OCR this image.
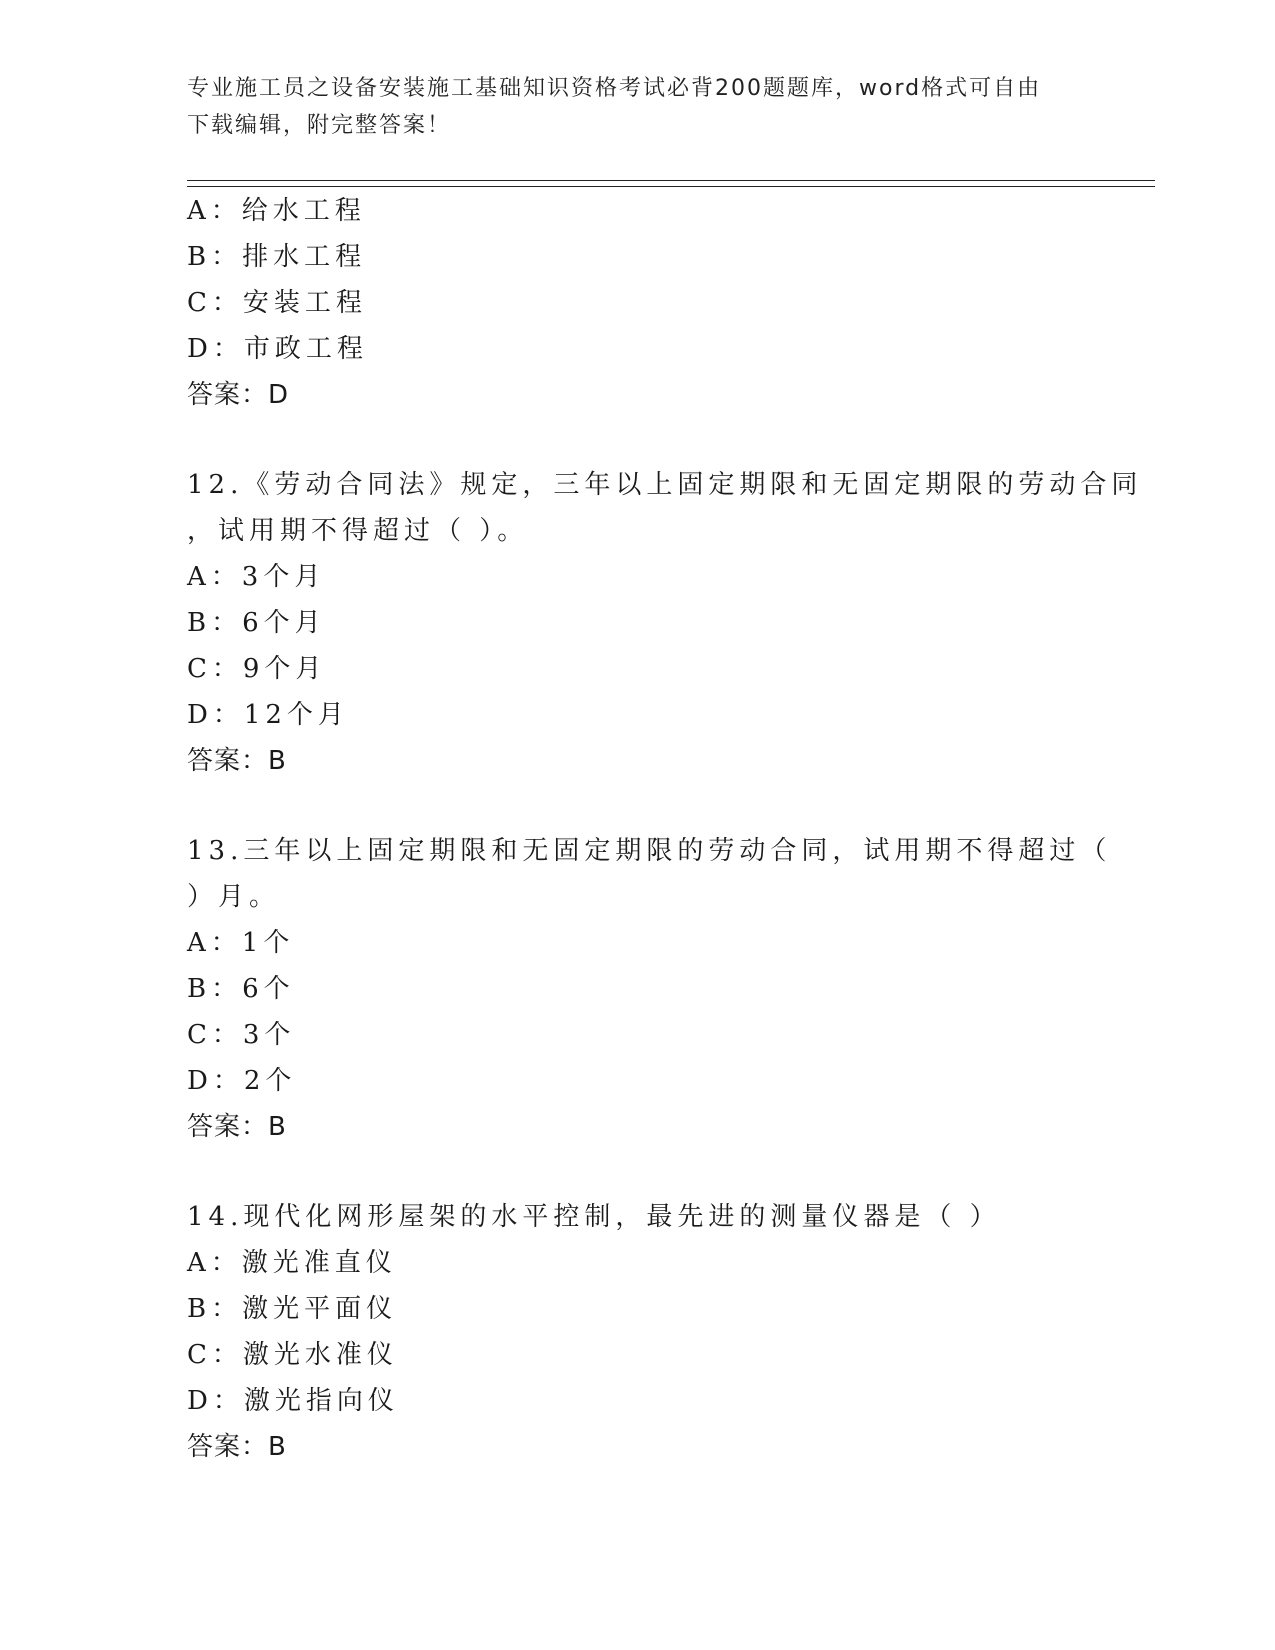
专业施工员之设备安装施工基础知识资格考试必背200题题库，word格式可自由
下载编辑，附完整答案！
A：给水工程
B：排水工程
C：安装工程
D：市政工程
答案：D
12.《劳动合同法》规定，三年以上固定期限和无固定期限的劳动合同
，试用期不得超过（ ）。
A：3个月
B：6个月
C：9个月
D：12个月
答案：B
13.三年以上固定期限和无固定期限的劳动合同，试用期不得超过（
）月。
A：1个
B：6个
C：3个
D：2个
答案：B
14.现代化网形屋架的水平控制，最先进的测量仪器是（ ）
A：激光准直仪
B：激光平面仪
C：激光水准仪
D：激光指向仪
答案：B
